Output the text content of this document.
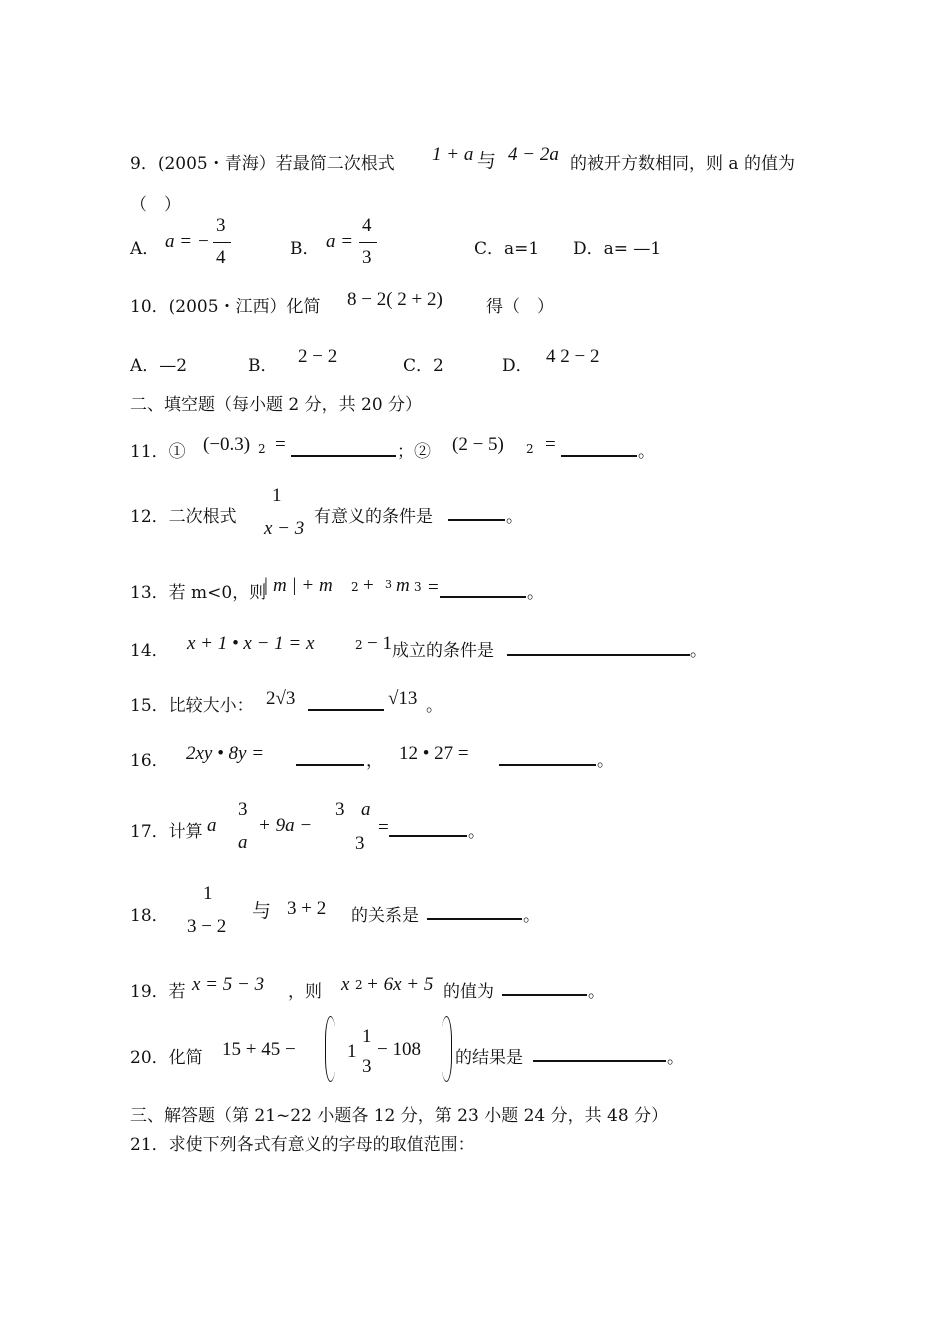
9．(2005・青海）若最简二次根式 1 + a 与 4 − 2a 的被开方数相同，则 a 的值为
（　）
A． a = −
3
4	B． a =
4
3	C．a=1 D．a= —1
10．(2005・江西）化简 8 − 2( 2 + 2)	得（　）
A．—2	B． 2 − 2	C．2	D． 4 2 − 2
二、填空题（每小题 2 分，共 20 分）
11．① (−0.3) 2 =	；② (2 − 5) 2 =	。
12．二次根式
1
x − 3
有意义的条件是	。
13．若 m<0，则
| m | + m 2 + 3 m 3 =	。
14． x + 1 • x − 1 = x	2 − 1 成立的条件是	。
15．比较大小： 2√3	√13 。
16． 2xy • 8y =	， 12 • 27 =	。
17．计算 a
3
a
+ 9a −
3 a
3
=	。
18．
1
3 − 2
与 3 + 2 的关系是	。
19．若 x = 5 − 3 ，则 x 2 + 6x + 5 的值为	。
20．化简 15 + 45 −	1
1
3
− 108 的结果是	。
三、解答题（第 21~22 小题各 12 分，第 23 小题 24 分，共 48 分）
21．求使下列各式有意义的字母的取值范围：
